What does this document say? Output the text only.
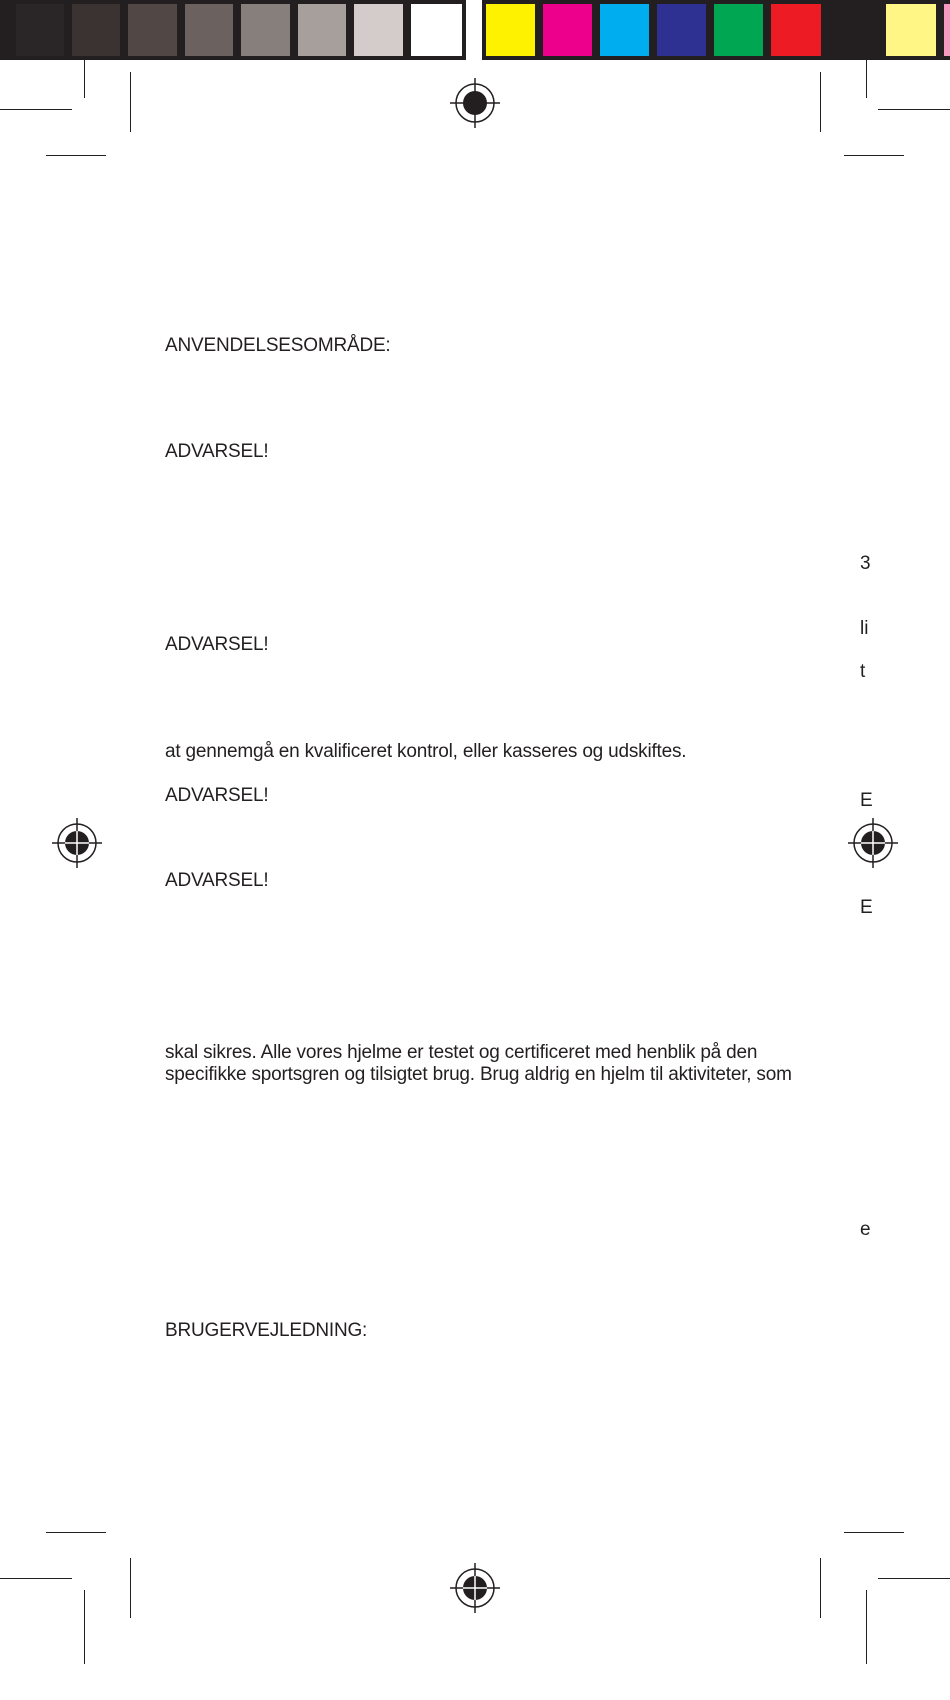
ANVENDELSESOMRÅDE:
ADVARSEL!
ADVARSEL!
at gennemgå en kvalificeret kontrol, eller kasseres og udskiftes.
ADVARSEL!
ADVARSEL!
skal sikres. Alle vores hjelme er testet og certificeret med henblik på den
specifikke sportsgren og tilsigtet brug. Brug aldrig en hjelm til aktiviteter, som
BRUGERVEJLEDNING:
3
li
t
E
E
e
